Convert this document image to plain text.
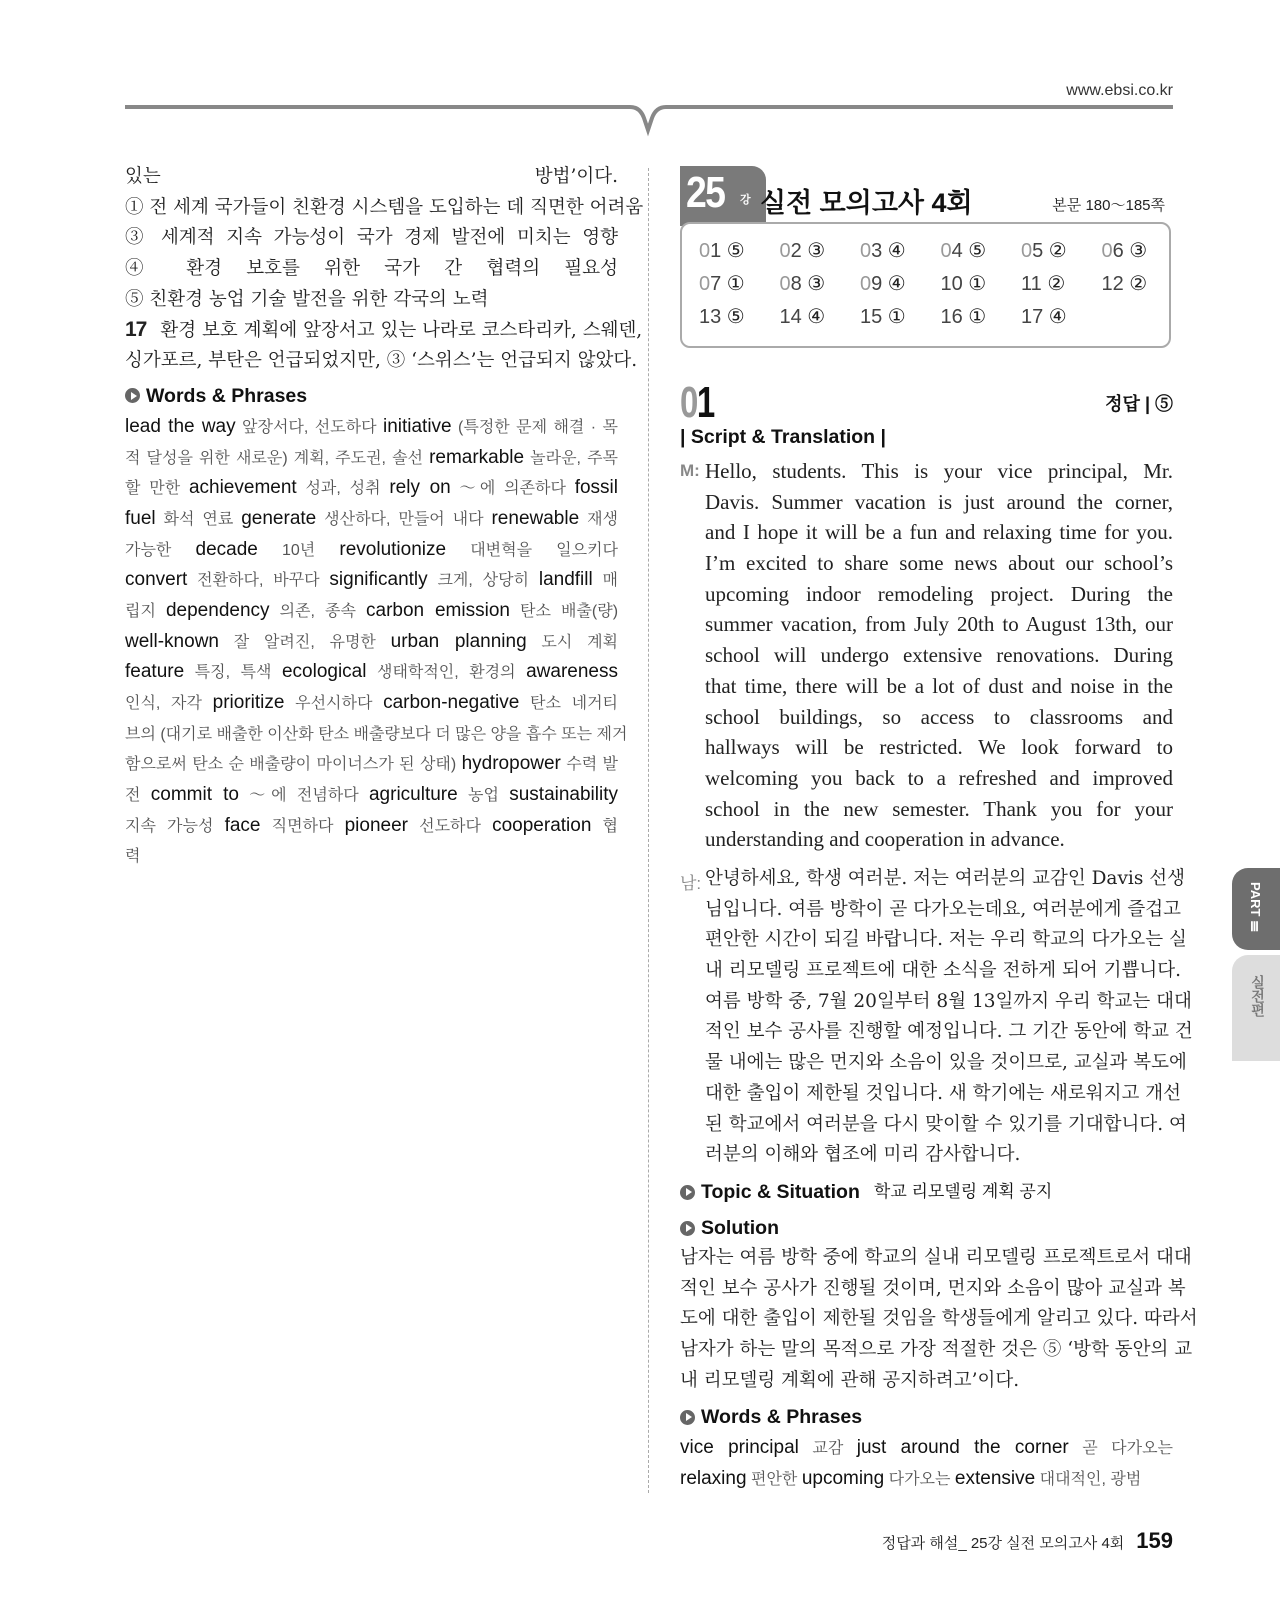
www.ebsi.co.kr
있는 방법’이다.
① 전 세계 국가들이 친환경 시스템을 도입하는 데 직면한 어려움
③ 세계적 지속 가능성이 국가 경제 발전에 미치는 영향
④ 환경 보호를 위한 국가 간 협력의 필요성
⑤ 친환경 농업 기술 발전을 위한 각국의 노력
17 환경 보호 계획에 앞장서고 있는 나라로 코스타리카, 스웨덴,
싱가포르, 부탄은 언급되었지만, ③ ‘스위스’는 언급되지 않았다.
Words & Phrases
lead the way 앞장서다, 선도하다 initiative (특정한 문제 해결 · 목
적 달성을 위한 새로운) 계획, 주도권, 솔선 remarkable 놀라운, 주목
할 만한 achievement 성과, 성취 rely on ～에 의존하다 fossil
fuel 화석 연료 generate 생산하다, 만들어 내다 renewable 재생
가능한 decade 10년 revolutionize 대변혁을 일으키다
convert 전환하다, 바꾸다 significantly 크게, 상당히 landfill 매
립지 dependency 의존, 종속 carbon emission 탄소 배출(량)
well-known 잘 알려진, 유명한 urban planning 도시 계획
feature 특징, 특색 ecological 생태학적인, 환경의 awareness
인식, 자각 prioritize 우선시하다 carbon-negative 탄소 네거티
브의 (대기로 배출한 이산화 탄소 배출량보다 더 많은 양을 흡수 또는 제거
함으로써 탄소 순 배출량이 마이너스가 된 상태) hydropower 수력 발
전 commit to ～에 전념하다 agriculture 농업 sustainability
지속 가능성 face 직면하다 pioneer 선도하다 cooperation 협
력
25 강 실전 모의고사 4회	본문 180～185쪽
01 ⑤ 02 ③ 03 ④ 04 ⑤ 05 ② 06 ③
07 ① 08 ③ 09 ④ 10 ① 11 ② 12 ②
13 ⑤ 14 ④ 15 ① 16 ① 17 ④
01	정답 | ⑤
| Script & Translation |
M: Hello, students. This is your vice principal, Mr.
Davis. Summer vacation is just around the corner,
and I hope it will be a fun and relaxing time for you.
I’m excited to share some news about our school’s
upcoming indoor remodeling project. During the
summer vacation, from July 20th to August 13th, our
school will undergo extensive renovations. During
that time, there will be a lot of dust and noise in the
school buildings, so access to classrooms and
hallways will be restricted. We look forward to
welcoming you back to a refreshed and improved
school in the new semester. Thank you for your
understanding and cooperation in advance.
남: 안녕하세요, 학생 여러분. 저는 여러분의 교감인 Davis 선생
님입니다. 여름 방학이 곧 다가오는데요, 여러분에게 즐겁고
편안한 시간이 되길 바랍니다. 저는 우리 학교의 다가오는 실
내 리모델링 프로젝트에 대한 소식을 전하게 되어 기쁩니다.
여름 방학 중, 7월 20일부터 8월 13일까지 우리 학교는 대대
적인 보수 공사를 진행할 예정입니다. 그 기간 동안에 학교 건
물 내에는 많은 먼지와 소음이 있을 것이므로, 교실과 복도에
대한 출입이 제한될 것입니다. 새 학기에는 새로워지고 개선
된 학교에서 여러분을 다시 맞이할 수 있기를 기대합니다. 여
러분의 이해와 협조에 미리 감사합니다.
Topic & Situation 학교 리모델링 계획 공지
Solution
남자는 여름 방학 중에 학교의 실내 리모델링 프로젝트로서 대대
적인 보수 공사가 진행될 것이며, 먼지와 소음이 많아 교실과 복
도에 대한 출입이 제한될 것임을 학생들에게 알리고 있다. 따라서
남자가 하는 말의 목적으로 가장 적절한 것은 ⑤ ‘방학 동안의 교
내 리모델링 계획에 관해 공지하려고’이다.
Words & Phrases
vice principal 교감 just around the corner 곧 다가오는
relaxing 편안한 upcoming 다가오는 extensive 대대적인, 광범
PART Ⅲ
실전편
정답과 해설_ 25강 실전 모의고사 4회 159
